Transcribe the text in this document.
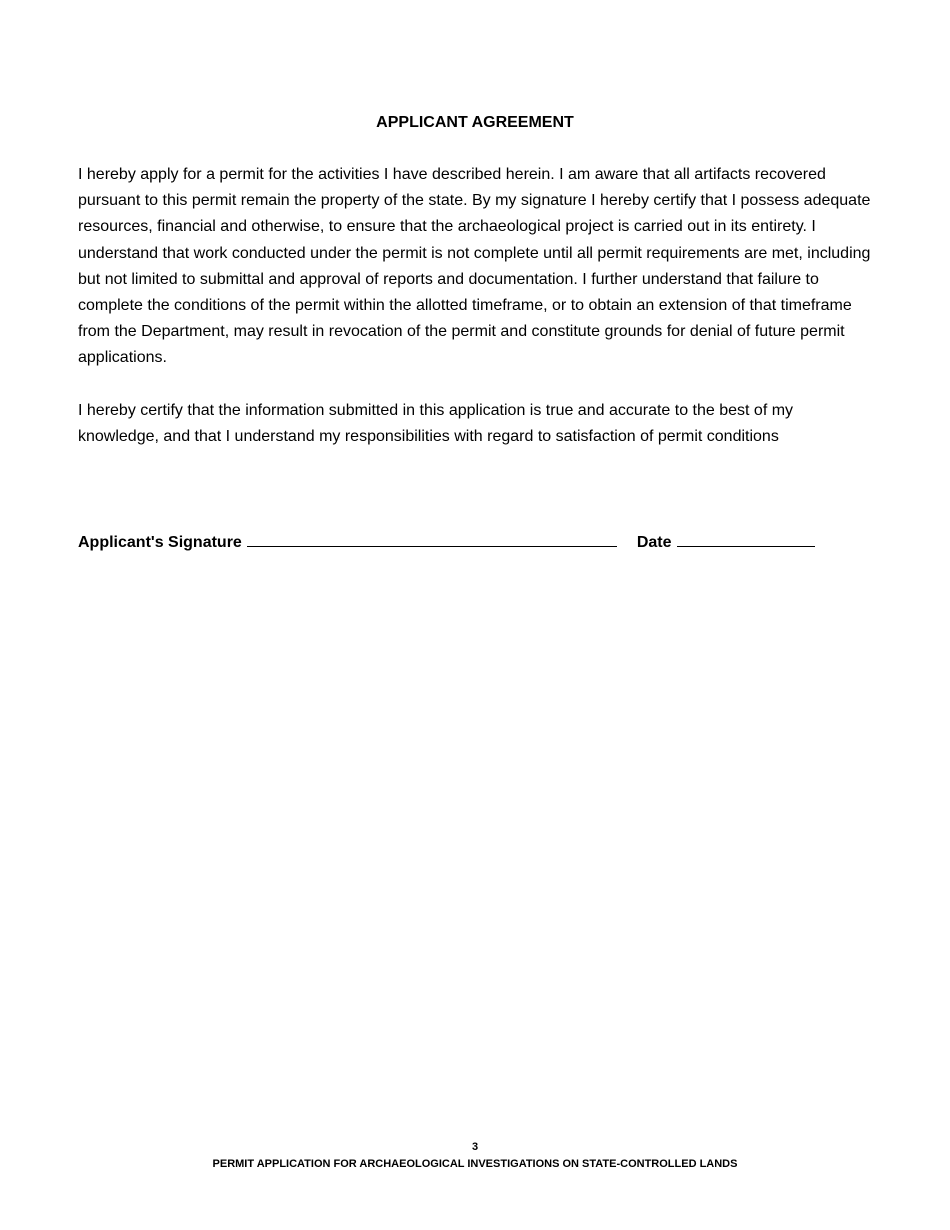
APPLICANT AGREEMENT

I hereby apply for a permit for the activities I have described herein. I am aware that all artifacts recovered pursuant to this permit remain the property of the state. By my signature I hereby certify that I possess adequate resources, financial and otherwise, to ensure that the archaeological project is carried out in its entirety. I understand that work conducted under the permit is not complete until all permit requirements are met, including but not limited to submittal and approval of reports and documentation. I further understand that failure to complete the conditions of the permit within the allotted timeframe, or to obtain an extension of that timeframe from the Department, may result in revocation of the permit and constitute grounds for denial of future permit applications.

I hereby certify that the information submitted in this application is true and accurate to the best of my knowledge, and that I understand my responsibilities with regard to satisfaction of permit conditions

Applicant's Signature	Date
3
PERMIT APPLICATION FOR ARCHAEOLOGICAL INVESTIGATIONS ON STATE-CONTROLLED LANDS
